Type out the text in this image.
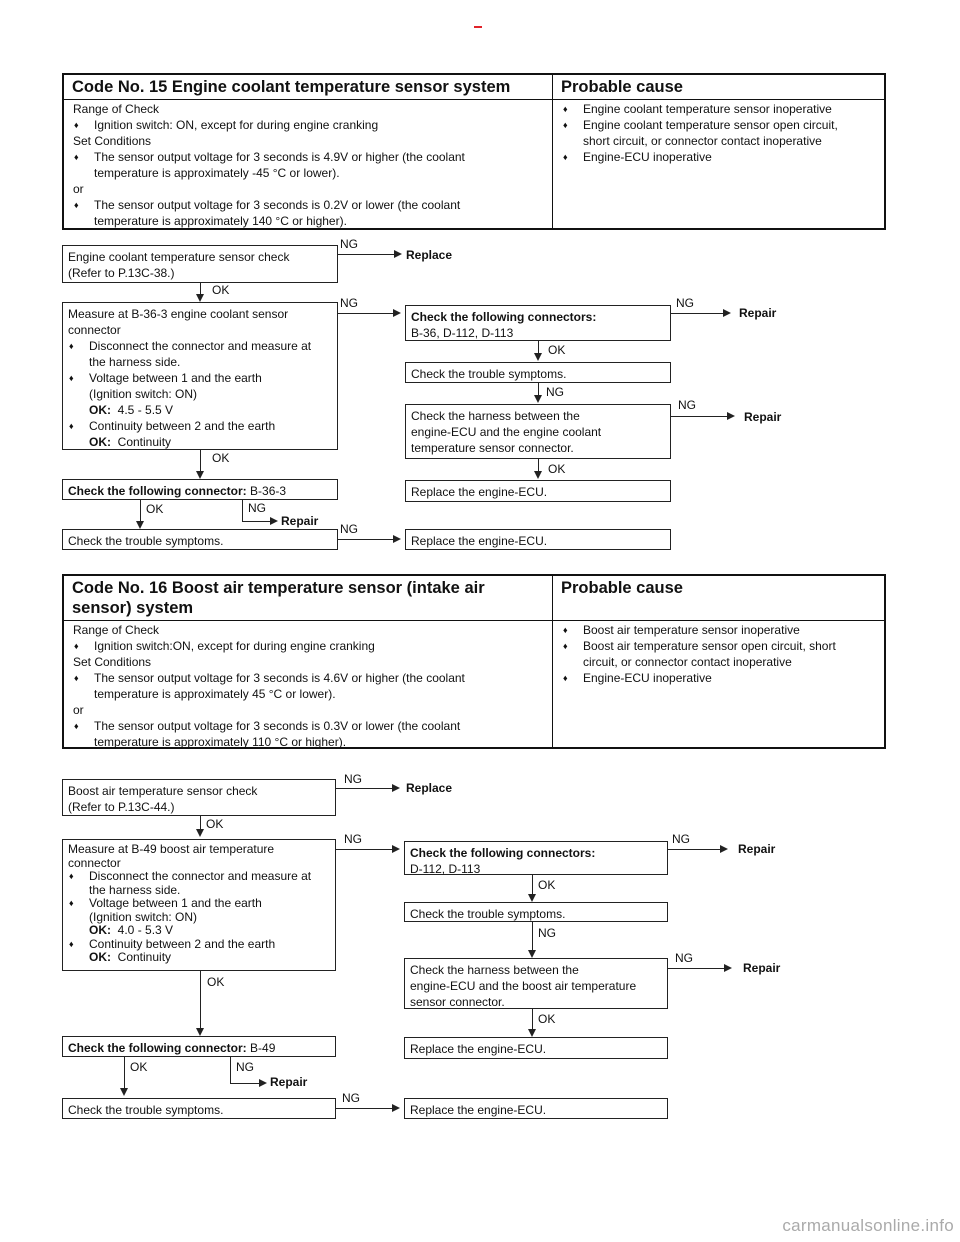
Code No. 15 Engine coolant temperature sensor system	Probable cause
Range of Check
♦ Ignition switch: ON, except for during engine cranking
Set Conditions
♦ The sensor output voltage for 3 seconds is 4.9V or higher (the coolant
temperature is approximately -45 °C or lower).
or
♦ The sensor output voltage for 3 seconds is 0.2V or lower (the coolant
temperature is approximately 140 °C or higher).
♦ Engine coolant temperature sensor inoperative
♦ Engine coolant temperature sensor open circuit,
short circuit, or connector contact inoperative
♦ Engine-ECU inoperative
Engine coolant temperature sensor check
(Refer to P.13C-38.)
NG
Replace
OK
Measure at B-36-3 engine coolant sensor
connector
♦ Disconnect the connector and measure at
the harness side.
♦ Voltage between 1 and the earth
(Ignition switch: ON)
OK: 4.5 - 5.5 V
♦ Continuity between 2 and the earth
OK: Continuity
NG
Check the following connectors:
B-36, D-112, D-113
NG
Repair
OK
Check the trouble symptoms.
NG
Check the harness between the
engine-ECU and the engine coolant
temperature sensor connector.
NG
Repair
OK
Replace the engine-ECU.
OK
Check the following connector: B-36-3
OK	NG
Repair
Check the trouble symptoms.
NG
Replace the engine-ECU.
Code No. 16 Boost air temperature sensor (intake air
sensor) system
Probable cause
Range of Check
♦ Ignition switch:ON, except for during engine cranking
Set Conditions
♦ The sensor output voltage for 3 seconds is 4.6V or higher (the coolant
temperature is approximately 45 °C or lower).
or
♦ The sensor output voltage for 3 seconds is 0.3V or lower (the coolant
temperature is approximately 110 °C or higher).
♦ Boost air temperature sensor inoperative
♦ Boost air temperature sensor open circuit, short
circuit, or connector contact inoperative
♦ Engine-ECU inoperative
Boost air temperature sensor check
(Refer to P.13C-44.)
NG
Replace
OK
Measure at B-49 boost air temperature
connector
♦ Disconnect the connector and measure at
the harness side.
♦ Voltage between 1 and the earth
(Ignition switch: ON)
OK: 4.0 - 5.3 V
♦ Continuity between 2 and the earth
OK: Continuity
NG
Check the following connectors:
D-112, D-113
NG
Repair
OK
Check the trouble symptoms.
NG
Check the harness between the
engine-ECU and the boost air temperature
sensor connector.
NG
Repair
OK
Replace the engine-ECU.
OK
Check the following connector: B-49
OK	NG
Repair
Check the trouble symptoms.
NG
Replace the engine-ECU.
carmanualsonline.info
